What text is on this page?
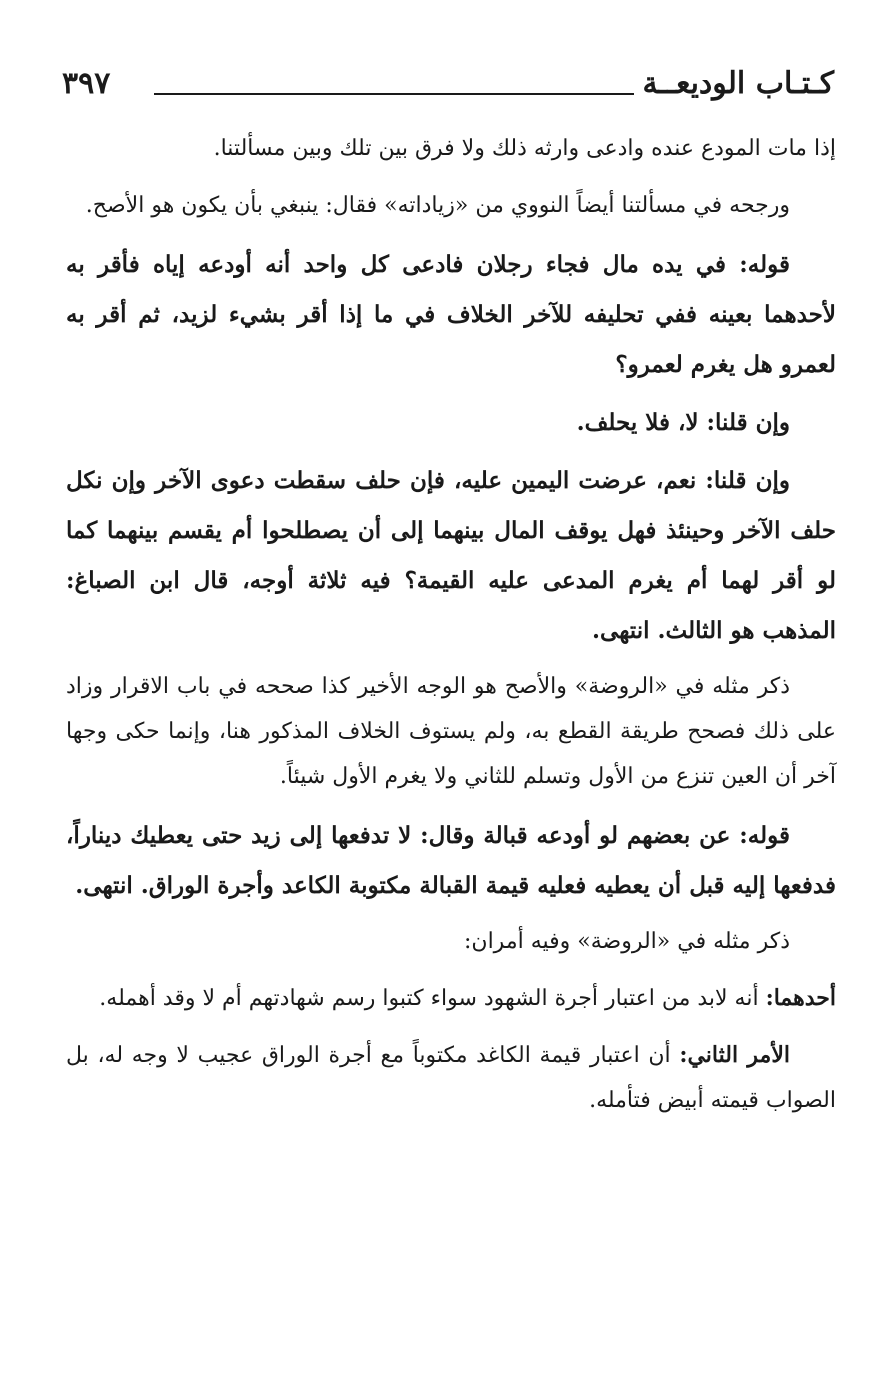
كـتـاب الوديعــة
٣٩٧

إذا مات المودع عنده وادعى وارثه ذلك ولا فرق بين تلك وبين مسألتنا.

ورجحه في مسألتنا أيضاً النووي من «زياداته» فقال: ينبغي بأن يكون هو الأصح.

قوله: في يده مال فجاء رجلان فادعى كل واحد أنه أودعه إياه فأقر به لأحدهما بعينه ففي تحليفه للآخر الخلاف في ما إذا أقر بشيء لزيد، ثم أقر به لعمرو هل يغرم لعمرو؟

وإن قلنا: لا، فلا يحلف.

وإن قلنا: نعم، عرضت اليمين عليه، فإن حلف سقطت دعوى الآخر وإن نكل حلف الآخر وحينئذ فهل يوقف المال بينهما إلى أن يصطلحوا أم يقسم بينهما كما لو أقر لهما أم يغرم المدعى عليه القيمة؟ فيه ثلاثة أوجه، قال ابن الصباغ: المذهب هو الثالث. انتهى.

ذكر مثله في «الروضة» والأصح هو الوجه الأخير كذا صححه في باب الاقرار وزاد على ذلك فصحح طريقة القطع به، ولم يستوف الخلاف المذكور هنا، وإنما حكى وجها آخر أن العين تنزع من الأول وتسلم للثاني ولا يغرم الأول شيئاً.

قوله: عن بعضهم لو أودعه قبالة وقال: لا تدفعها إلى زيد حتى يعطيك ديناراً، فدفعها إليه قبل أن يعطيه فعليه قيمة القبالة مكتوبة الكاعد وأجرة الوراق. انتهى.

ذكر مثله في «الروضة» وفيه أمران:

أحدهما: أنه لابد من اعتبار أجرة الشهود سواء كتبوا رسم شهادتهم أم لا وقد أهمله.

الأمر الثاني: أن اعتبار قيمة الكاغد مكتوباً مع أجرة الوراق عجيب لا وجه له، بل الصواب قيمته أبيض فتأمله.
